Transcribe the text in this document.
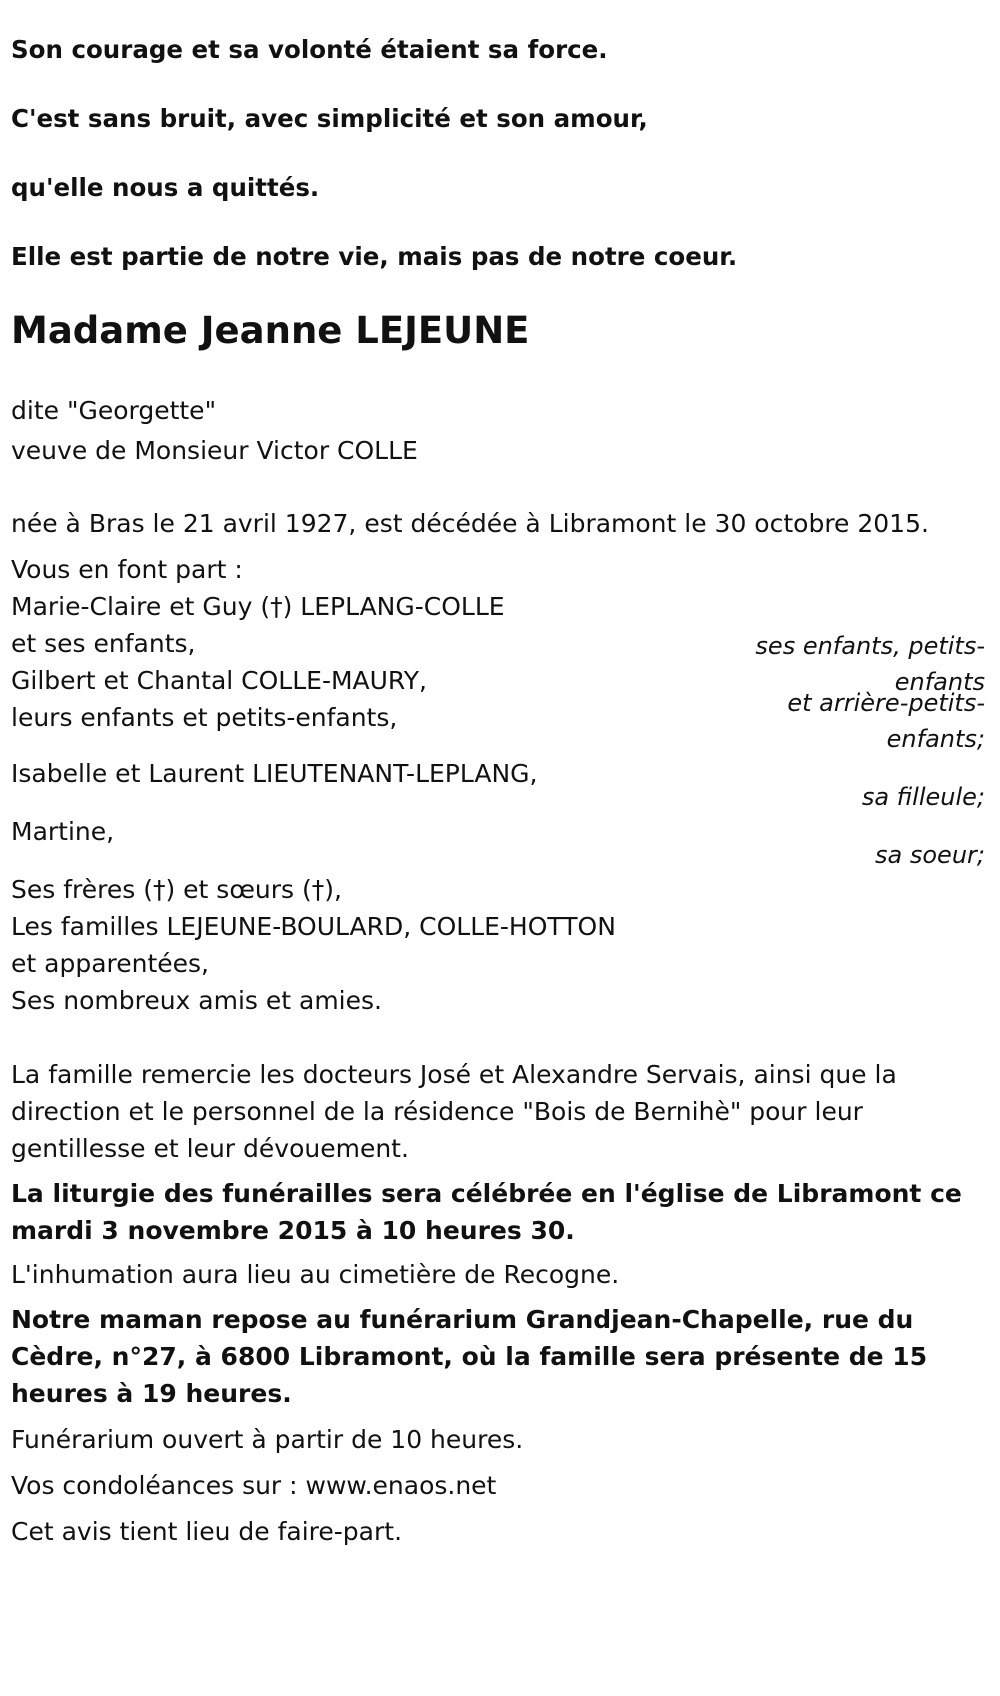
Son courage et sa volonté étaient sa force.

C'est sans bruit, avec simplicité et son amour,

qu'elle nous a quittés.

Elle est partie de notre vie, mais pas de notre coeur.

Madame Jeanne LEJEUNE

dite "Georgette"

veuve de Monsieur Victor COLLE

née à Bras le 21 avril 1927, est décédée à Libramont le 30 octobre 2015.

Vous en font part :

Marie-Claire et Guy (†) LEPLANG-COLLE

et ses enfants,

Gilbert et Chantal COLLE-MAURY,

leurs enfants et petits-enfants,

ses enfants, petits-
enfants
et arrière-petits-
enfants;

Isabelle et Laurent LIEUTENANT-LEPLANG,

sa filleule;

Martine,

sa soeur;

Ses frères (†) et sœurs (†),

Les familles LEJEUNE-BOULARD, COLLE-HOTTON

et apparentées,

Ses nombreux amis et amies.

La famille remercie les docteurs José et Alexandre Servais, ainsi que la direction et le personnel de la résidence "Bois de Bernihè" pour leur gentillesse et leur dévouement.

La liturgie des funérailles sera célébrée en l'église de Libramont ce mardi 3 novembre 2015 à 10 heures 30.

L'inhumation aura lieu au cimetière de Recogne.

Notre maman repose au funérarium Grandjean-Chapelle, rue du Cèdre, n°27, à 6800 Libramont, où la famille sera présente de 15 heures à 19 heures.

Funérarium ouvert à partir de 10 heures.

Vos condoléances sur : www.enaos.net

Cet avis tient lieu de faire-part.
